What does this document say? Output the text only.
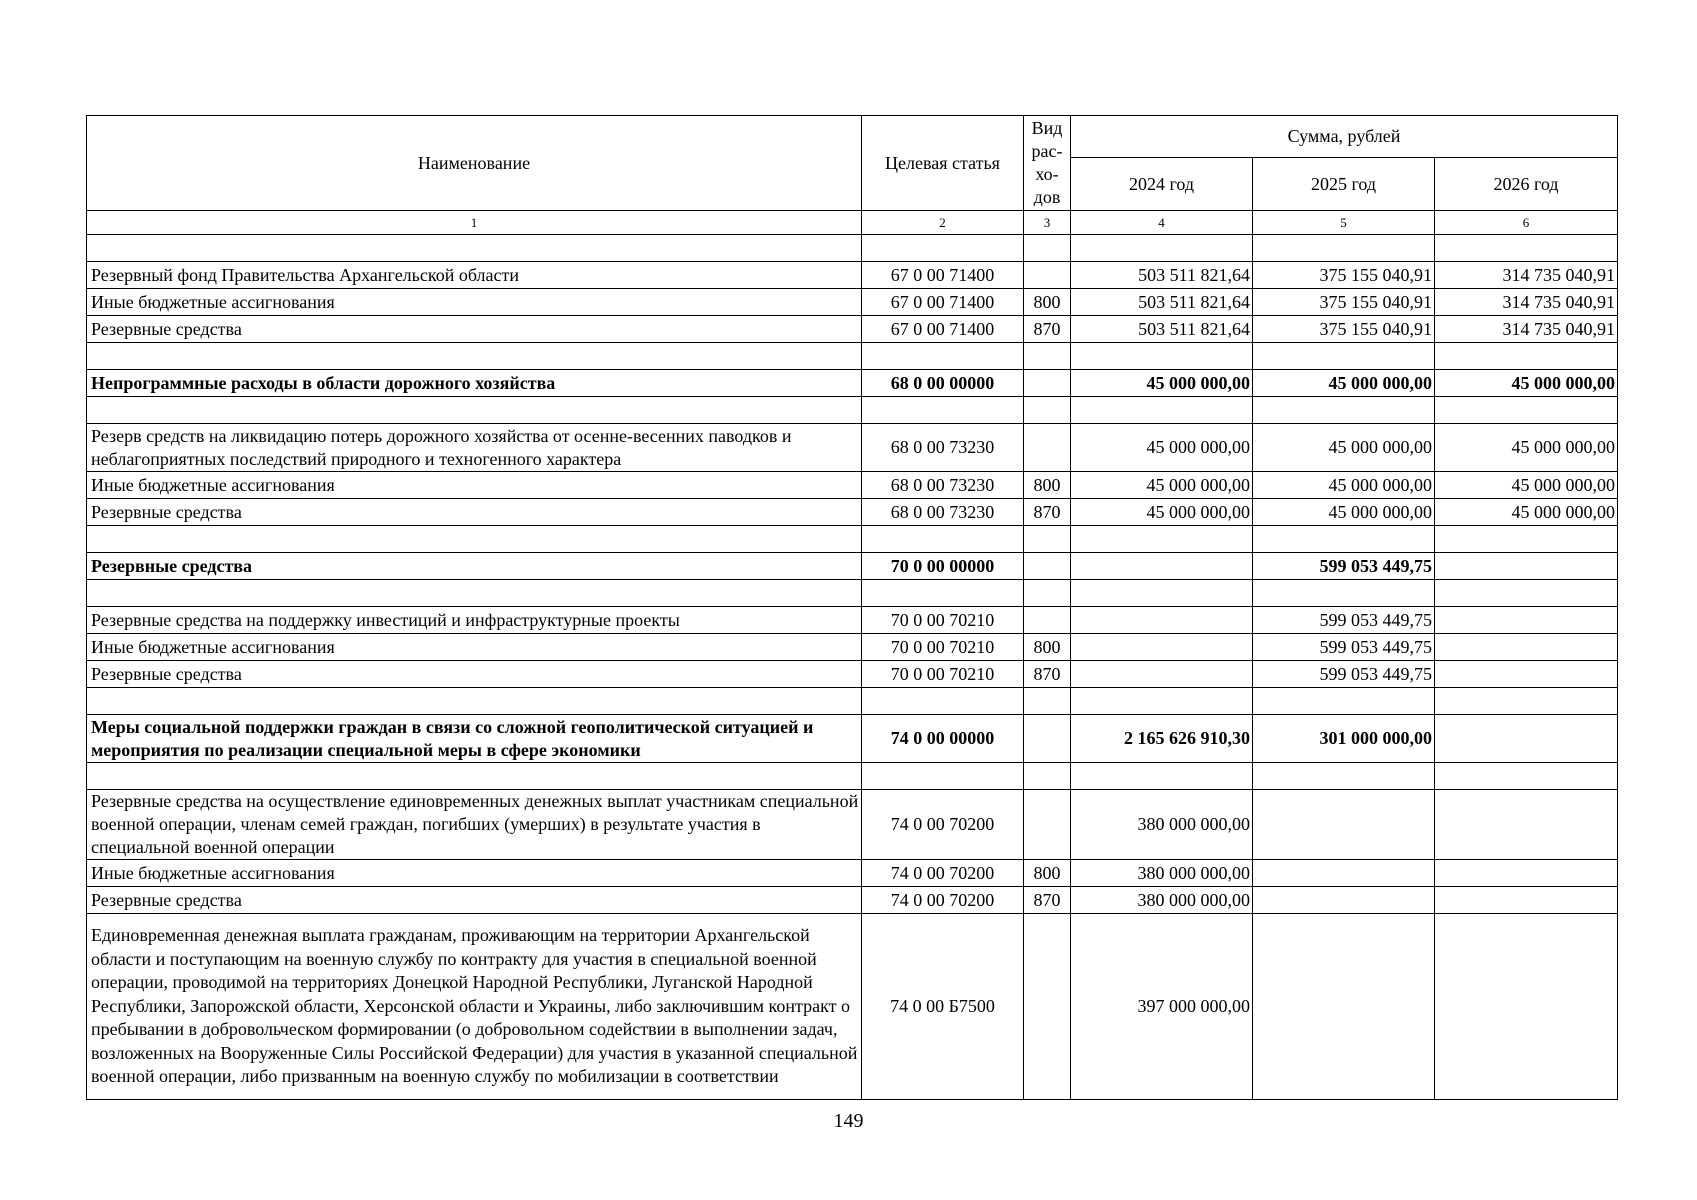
Наименование	Целевая статья	Вид рас-хо-дов	Сумма, рублей		
			2024 год	2025 год	2026 год
1	2	3	4	5	6

Резервный фонд Правительства Архангельской области	67 0 00 71400		503 511 821,64	375 155 040,91	314 735 040,91
Иные бюджетные ассигнования	67 0 00 71400	800	503 511 821,64	375 155 040,91	314 735 040,91
Резервные средства	67 0 00 71400	870	503 511 821,64	375 155 040,91	314 735 040,91

Непрограммные расходы в области дорожного хозяйства	68 0 00 00000		45 000 000,00	45 000 000,00	45 000 000,00

Резерв средств на ликвидацию потерь дорожного хозяйства от осенне-весенних паводков и неблагоприятных последствий природного и техногенного характера	68 0 00 73230		45 000 000,00	45 000 000,00	45 000 000,00
Иные бюджетные ассигнования	68 0 00 73230	800	45 000 000,00	45 000 000,00	45 000 000,00
Резервные средства	68 0 00 73230	870	45 000 000,00	45 000 000,00	45 000 000,00

Резервные средства	70 0 00 00000			599 053 449,75	

Резервные средства на поддержку инвестиций и инфраструктурные проекты	70 0 00 70210			599 053 449,75	
Иные бюджетные ассигнования	70 0 00 70210	800		599 053 449,75	
Резервные средства	70 0 00 70210	870		599 053 449,75	

Меры социальной поддержки граждан в связи со сложной геополитической ситуацией и мероприятия по реализации специальной меры в сфере экономики	74 0 00 00000		2 165 626 910,30	301 000 000,00	

Резервные средства на осуществление единовременных денежных выплат участникам специальной военной операции, членам семей граждан, погибших (умерших) в результате участия в специальной военной операции	74 0 00 70200		380 000 000,00		
Иные бюджетные ассигнования	74 0 00 70200	800	380 000 000,00		
Резервные средства	74 0 00 70200	870	380 000 000,00		
Единовременная денежная выплата гражданам, проживающим на территории Архангельской области и поступающим на военную службу по контракту для участия в специальной военной операции, проводимой на территориях Донецкой Народной Республики, Луганской Народной Республики, Запорожской области, Херсонской области и Украины, либо заключившим контракт о пребывании в добровольческом формировании (о добровольном содействии в выполнении задач, возложенных на Вооруженные Силы Российской Федерации) для участия в указанной специальной военной операции, либо призванным на военную службу по мобилизации в соответствии	74 0 00 Б7500		397 000 000,00		
149
